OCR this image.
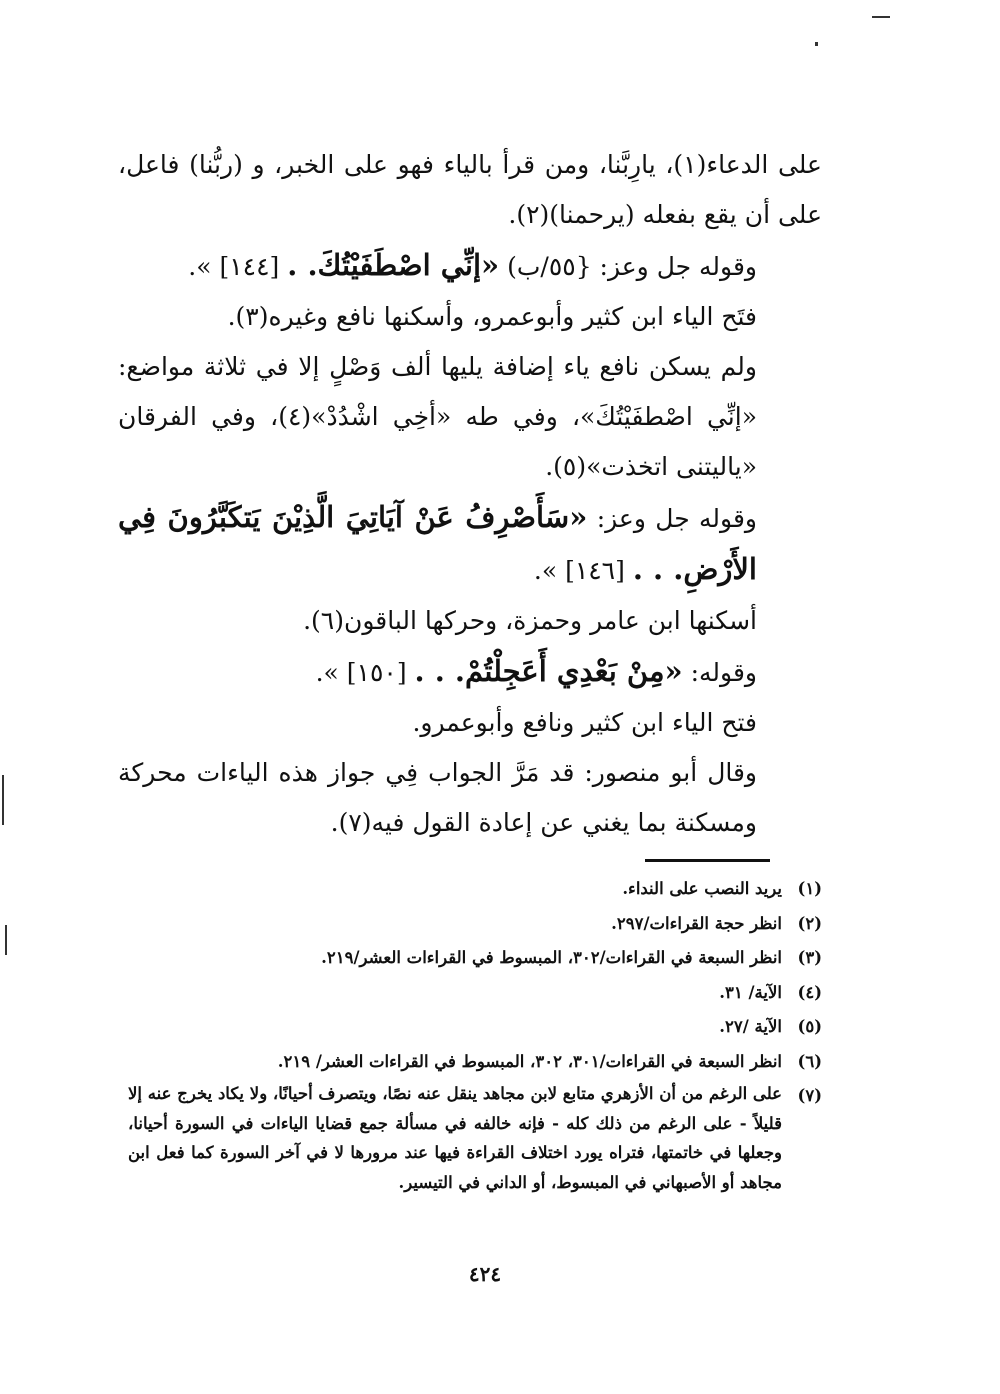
على الدعاء(١)، يارِبَّنا، ومن قرأ بالياء فهو على الخبر، و (ربُّنا) فاعل، على أن يقع بفعله (يرحمنا)(٢).

وقوله جل وعز: {٥٥/ب) «إنِّي اصْطَفَيْتُكَ. . [١٤٤] ».

فتَح الياء ابن كثير وأبوعمرو، وأسكنها نافع وغيره(٣).

ولم يسكن نافع ياء إضافة يليها ألف وَصْلٍ إلا في ثلاثة مواضع: «إنِّي اصْطفَيْتُكَ»، وفي طه «أخِي اشْدُدْ»(٤)، وفي الفرقان «ياليتنى اتخذت»(٥).

وقوله جل وعز: «سَأَصْرِفُ عَنْ آيَاتِيَ الَّذِيْنَ يَتكَبَّرُونَ فِي الأَرْضِ. . . [١٤٦] ».

أسكنها ابن عامر وحمزة، وحركها الباقون(٦).

وقوله: «مِنْ بَعْدِي أَعَجِلْتُمْ. . . [١٥٠] ».

فتح الياء ابن كثير ونافع وأبوعمرو.

وقال أبو منصور: قد مَرَّ الجواب فِي جواز هذه الياءات محركة ومسكنة بما يغني عن إعادة القول فيه(٧).

(١)
يريد النصب على النداء.
(٢)
انظر حجة القراءات/٢٩٧.
(٣)
انظر السبعة في القراءات/٣٠٢، المبسوط في القراءات العشر/٢١٩.
(٤)
الآية/ ٣١.
(٥)
الآية /٢٧.
(٦)
انظر السبعة في القراءات/٣٠١، ٣٠٢، المبسوط في القراءات العشر/ ٢١٩.
(٧)
على الرغم من أن الأزهري متابع لابن مجاهد ينقل عنه نصًا، ويتصرف أحيانًا، ولا يكاد يخرج عنه إلا قليلاً - على الرغم من ذلك كله - فإنه خالفه في مسألة جمع قضايا الياءات في السورة أحيانا، وجعلها في خاتمتها، فتراه يورد اختلاف القراءة فيها عند مرورها لا في آخر السورة كما فعل ابن مجاهد أو الأصبهاني في المبسوط، أو الداني في التيسير.
٤٢٤
